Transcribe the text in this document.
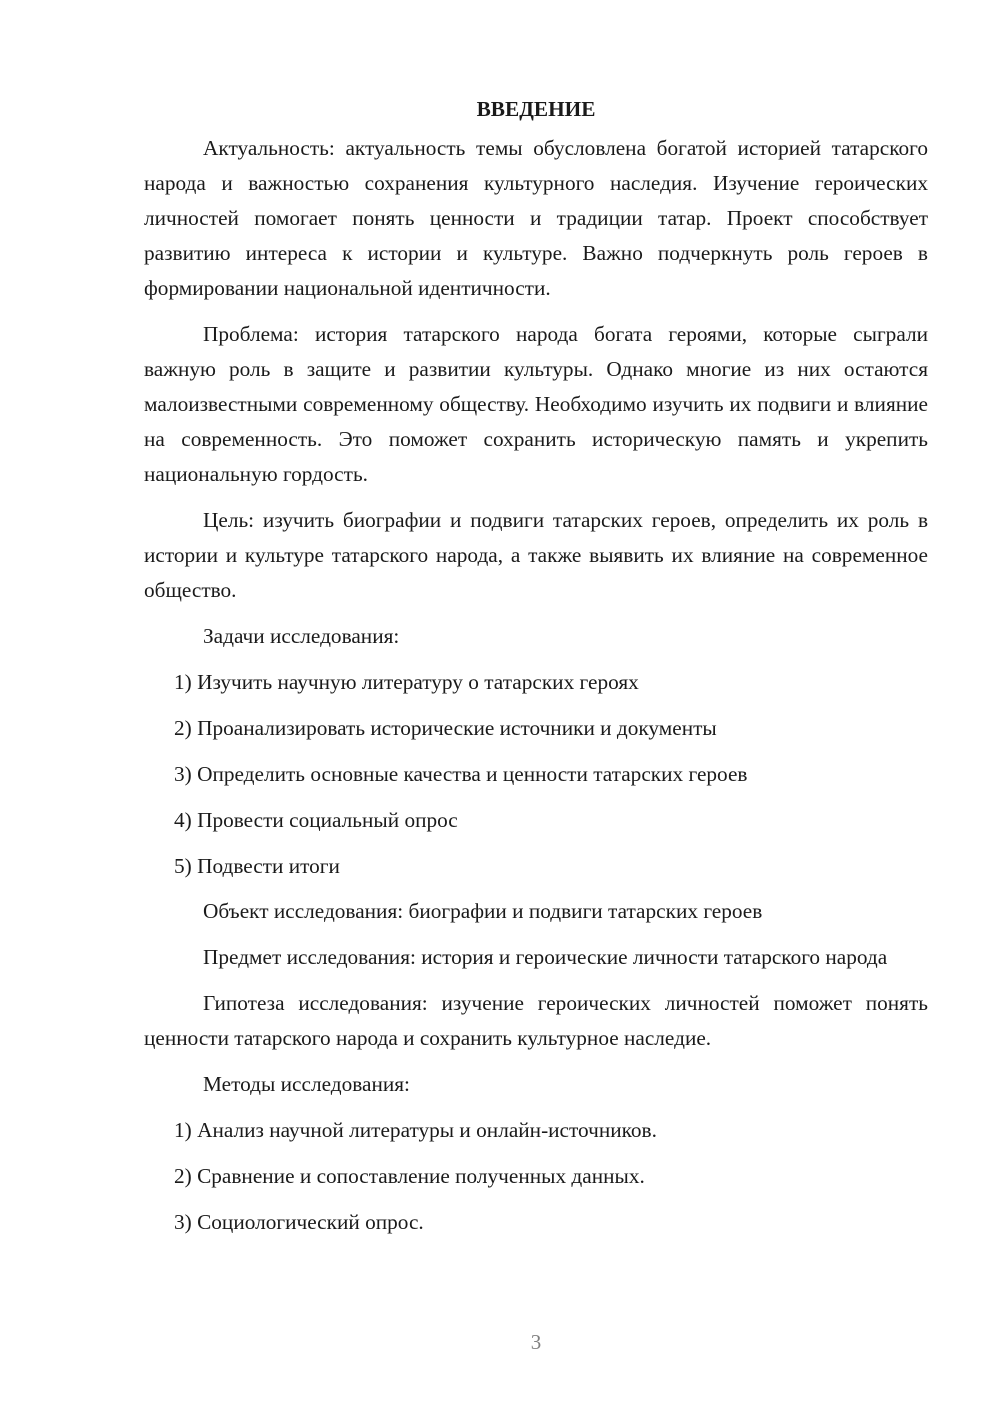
ВВЕДЕНИЕ

Актуальность: актуальность темы обусловлена богатой историей татарского народа и важностью сохранения культурного наследия. Изучение героических личностей помогает понять ценности и традиции татар. Проект способствует развитию интереса к истории и культуре. Важно подчеркнуть роль героев в формировании национальной идентичности.

Проблема: история татарского народа богата героями, которые сыграли важную роль в защите и развитии культуры. Однако многие из них остаются малоизвестными современному обществу. Необходимо изучить их подвиги и влияние на современность. Это поможет сохранить историческую память и укрепить национальную гордость.

Цель: изучить биографии и подвиги татарских героев, определить их роль в истории и культуре татарского народа, а также выявить их влияние на современное общество.

Задачи исследования:

1) Изучить научную литературу о татарских героях

2) Проанализировать исторические источники и документы

3) Определить основные качества и ценности татарских героев

4) Провести социальный опрос

5) Подвести итоги

Объект исследования: биографии и подвиги татарских героев

Предмет исследования: история и героические личности татарского народа

Гипотеза исследования: изучение героических личностей поможет понять ценности татарского народа и сохранить культурное наследие.

Методы исследования:

1) Анализ научной литературы и онлайн-источников.

2) Сравнение и сопоставление полученных данных.

3) Социологический опрос.

3
